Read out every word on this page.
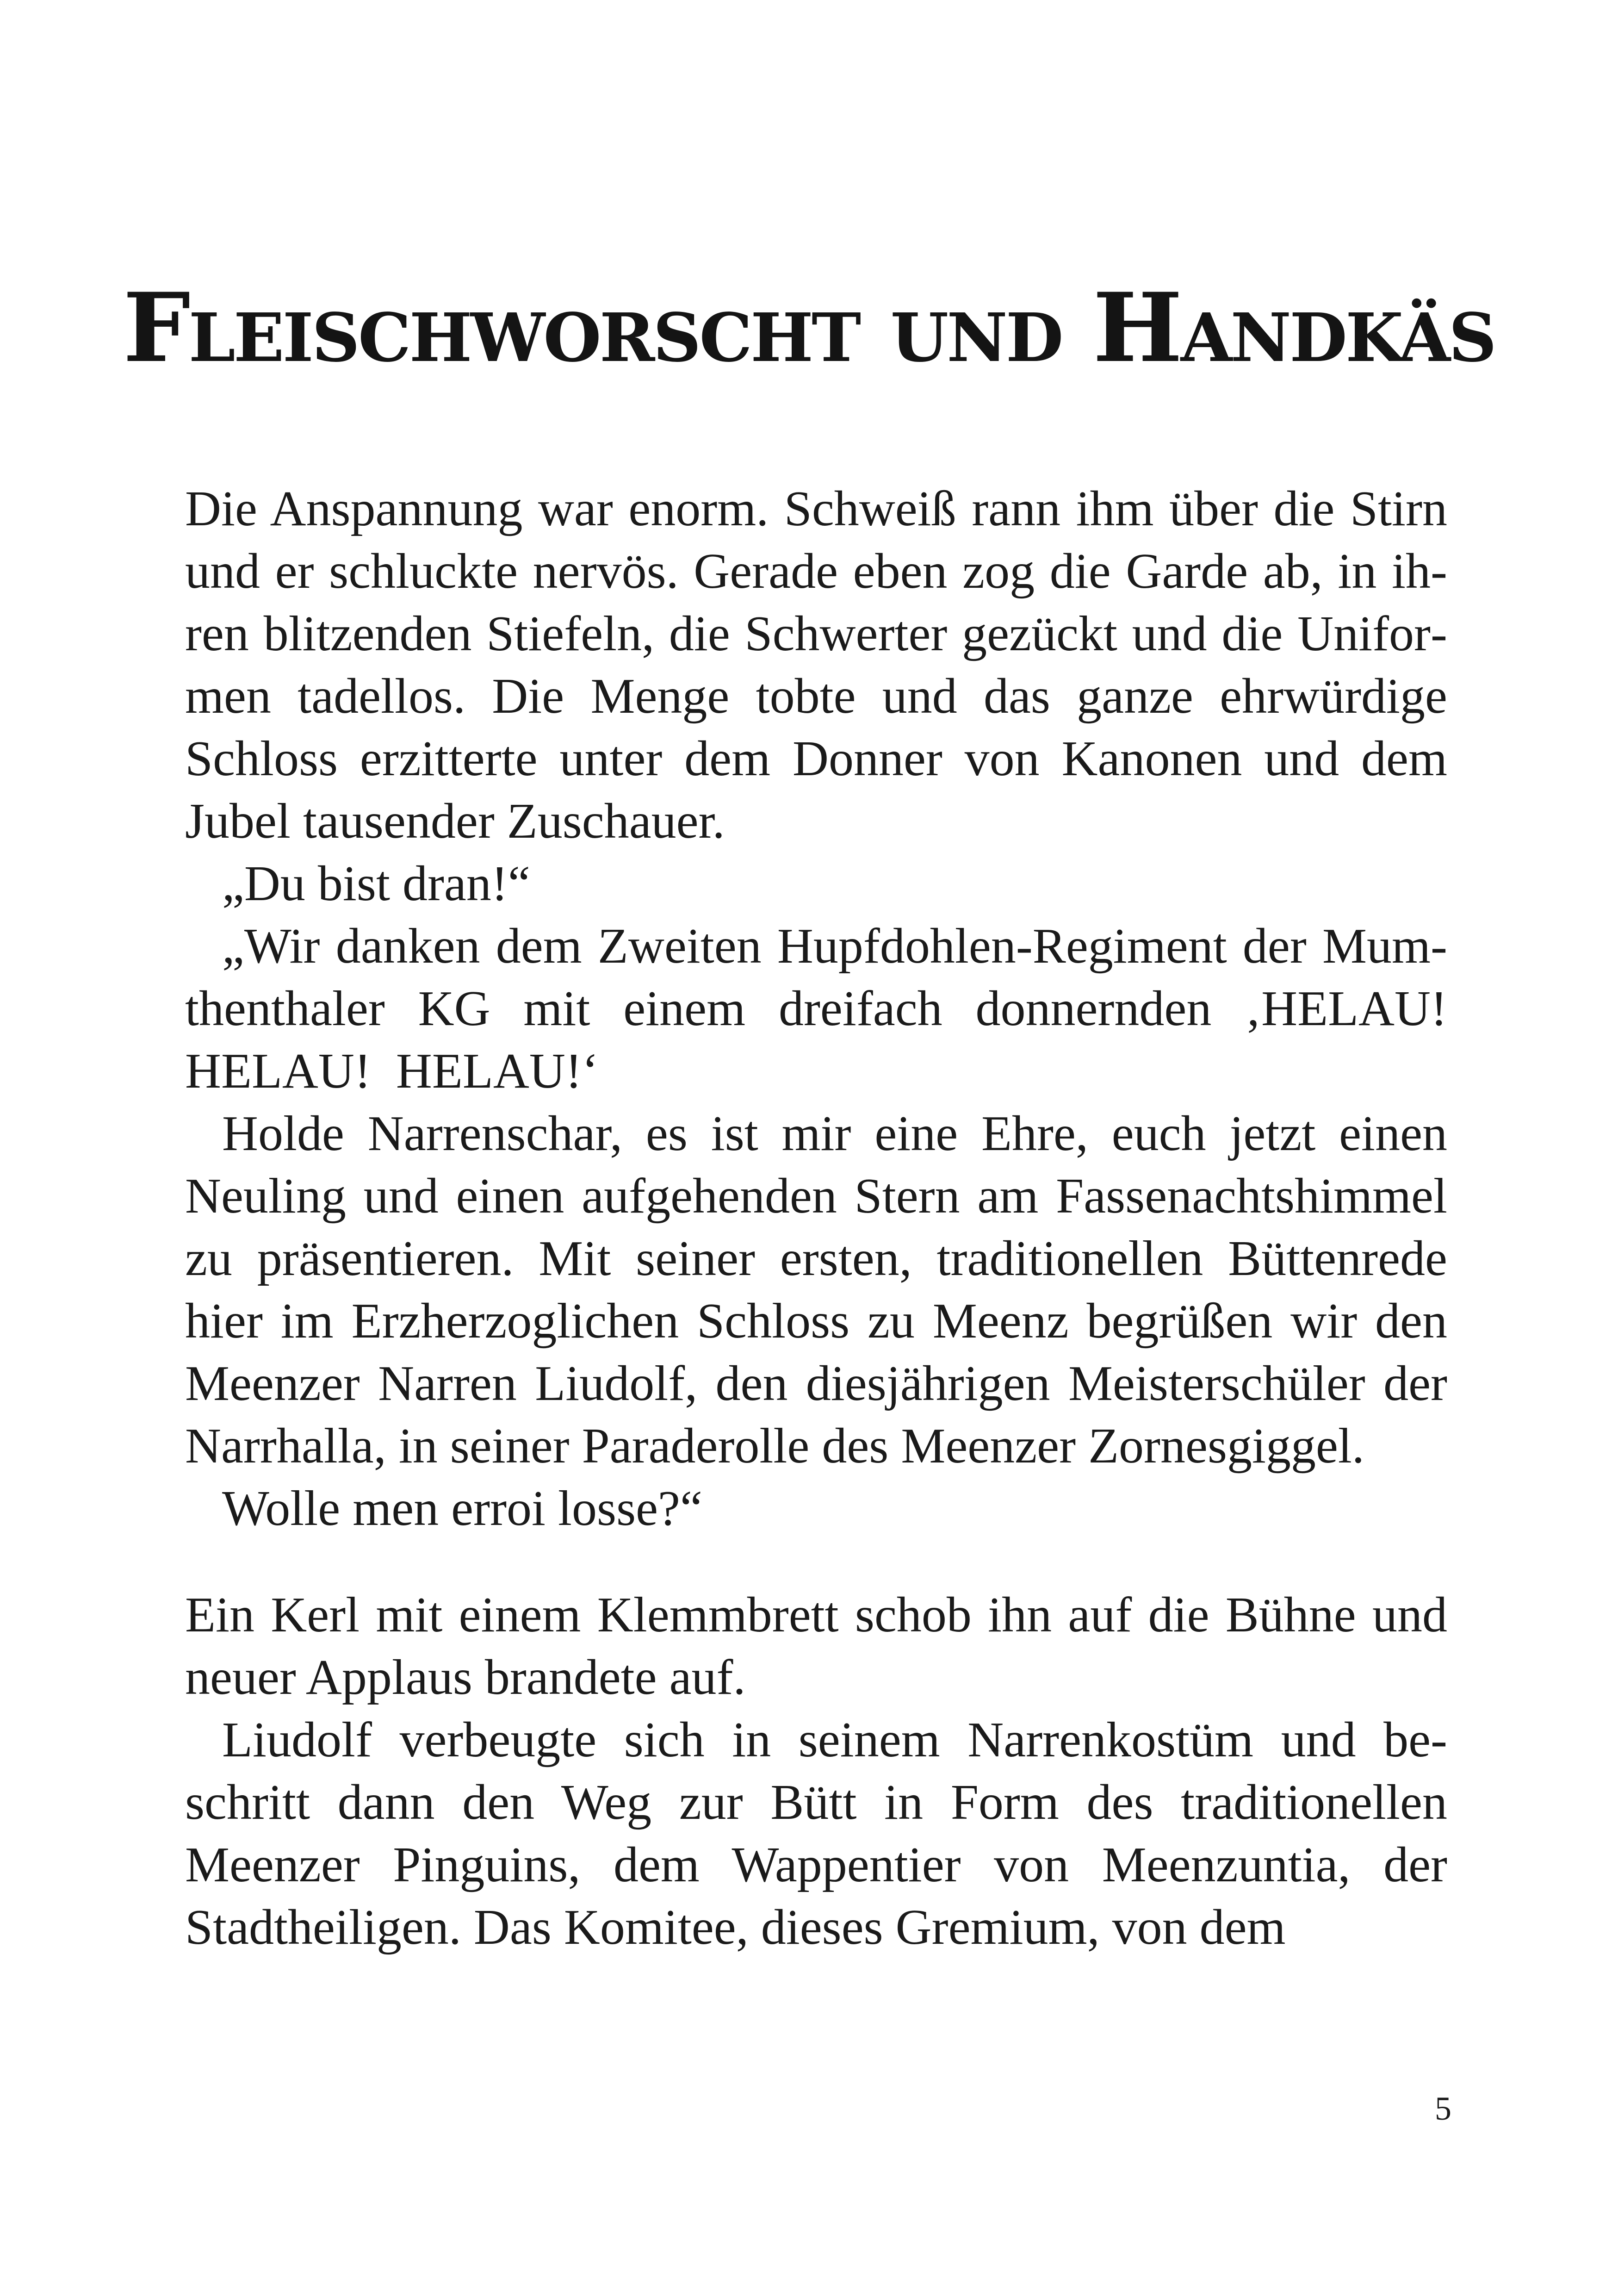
Fleischworscht und Handkäs

Die Anspannung war enorm. Schweiß rann ihm über die Stirn und er schluckte nervös. Gerade eben zog die Garde ab, in ihren blitzenden Stiefeln, die Schwerter gezückt und die Uniformen tadellos. Die Menge tobte und das ganze ehrwürdige Schloss erzitterte unter dem Donner von Kanonen und dem Jubel tausender Zuschauer.

„Du bist dran!“

„Wir danken dem Zweiten Hupfdohlen-Regiment der Mumthenthaler KG mit einem dreifach donnernden ‚HELAU! HELAU!  HELAU!‘

Holde Narrenschar, es ist mir eine Ehre, euch jetzt einen Neuling und einen aufgehenden Stern am Fassenachtshimmel zu präsentieren. Mit seiner ersten, traditionellen Büttenrede hier im Erzherzoglichen Schloss zu Meenz begrüßen wir den Meenzer Narren Liudolf, den diesjährigen Meisterschüler der Narrhalla, in seiner Paraderolle des Meenzer Zornesgiggel.

Wolle men erroi losse?“

Ein Kerl mit einem Klemmbrett schob ihn auf die Bühne und neuer Applaus brandete auf.

Liudolf verbeugte sich in seinem Narrenkostüm und beschritt dann den Weg zur Bütt in Form des traditionellen Meenzer Pinguins, dem Wappentier von Meenzuntia, der Stadtheiligen. Das Komitee, dieses Gremium, von dem

5
